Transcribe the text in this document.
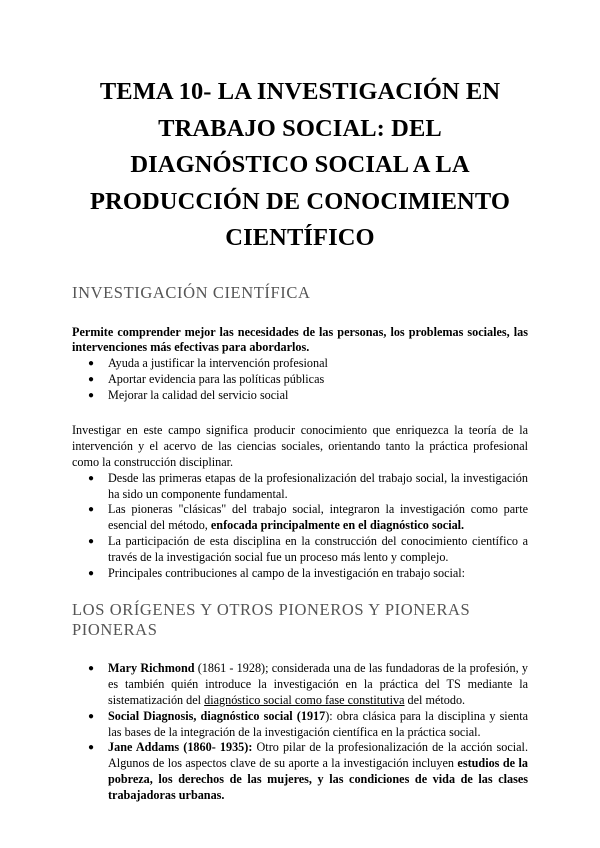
TEMA 10- LA INVESTIGACIÓN EN
TRABAJO SOCIAL: DEL
DIAGNÓSTICO SOCIAL A LA
PRODUCCIÓN DE CONOCIMIENTO
CIENTÍFICO
INVESTIGACIÓN CIENTÍFICA

Permite comprender mejor las necesidades de las personas, los problemas sociales, las intervenciones más efectivas para abordarlos.

● Ayuda a justificar la intervención profesional
● Aportar evidencia para las políticas públicas
● Mejorar la calidad del servicio social

Investigar en este campo significa producir conocimiento que enriquezca la teoría de la intervención y el acervo de las ciencias sociales, orientando tanto la práctica profesional como la construcción disciplinar.

● Desde las primeras etapas de la profesionalización del trabajo social, la investigación ha sido un componente fundamental.
● Las pioneras "clásicas" del trabajo social, integraron la investigación como parte esencial del método, enfocada principalmente en el diagnóstico social.
● La participación de esta disciplina en la construcción del conocimiento científico a través de la investigación social fue un proceso más lento y complejo.
● Principales contribuciones al campo de la investigación en trabajo social:
LOS ORÍGENES Y OTROS PIONEROS Y PIONERAS PIONERAS
● Mary Richmond (1861 - 1928); considerada una de las fundadoras de la profesión, y es también quién introduce la investigación en la práctica del TS mediante la sistematización del diagnóstico social como fase constitutiva del método.
● Social Diagnosis, diagnóstico social (1917): obra clásica para la disciplina y sienta las bases de la integración de la investigación científica en la práctica social.
● Jane Addams (1860- 1935): Otro pilar de la profesionalización de la acción social. Algunos de los aspectos clave de su aporte a la investigación incluyen estudios de la pobreza, los derechos de las mujeres, y las condiciones de vida de las clases trabajadoras urbanas.
